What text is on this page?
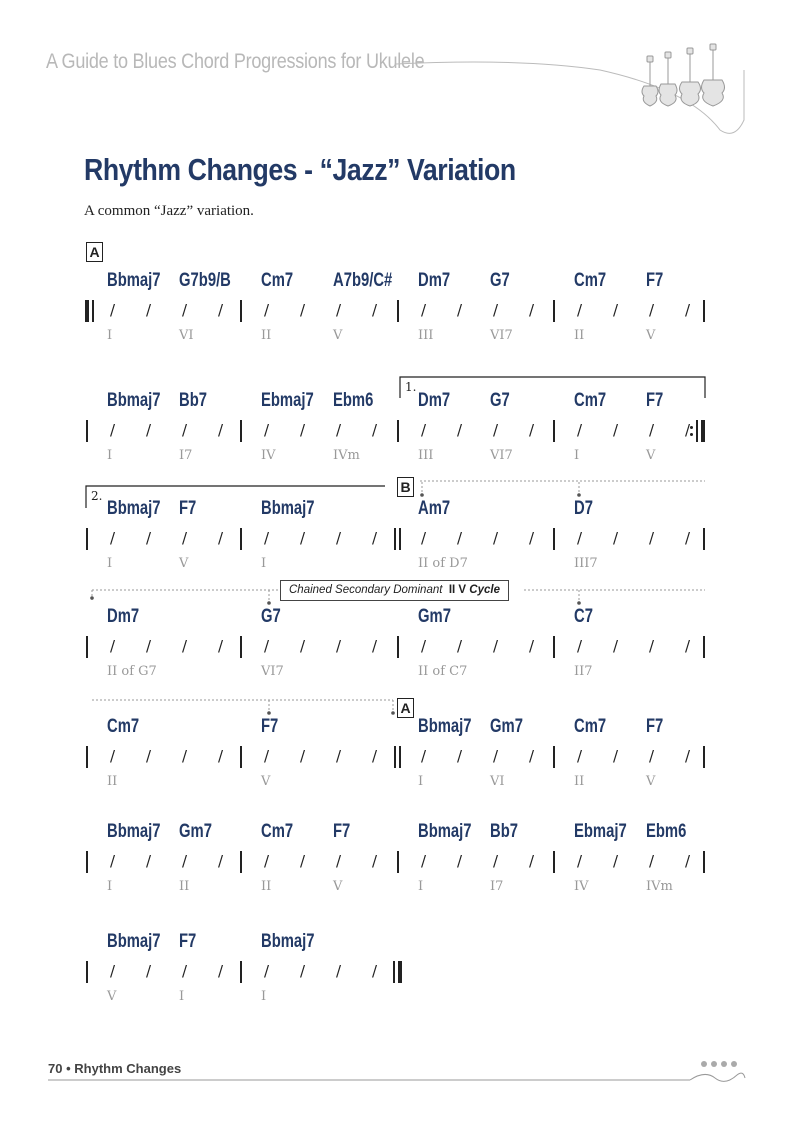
A Guide to Blues Chord Progressions for Ukulele
Rhythm Changes - “Jazz” Variation
A common “Jazz” variation.
A
B
A
1.
2.
Chained Secondary Dominant II V Cycle
Bbmaj7 G7b9/B
I	VI
/ / / /
Cm7 A7b9/C#
II	V
/ / / /
Dm7 G7
III	VI7
/ / / /
Cm7 F7
II	V
/ / / /
Bbmaj7 Bb7
I	I7
/ / / /
Ebmaj7 Ebm6
IV	IVm
/ / / /
Dm7 G7
III	VI7
/ / / /
Cm7 F7
I	V
/ / / /
Bbmaj7 F7
I	V
/ / / /
Bbmaj7
I
/ / / /
Am7
II of D7
/ / / /
D7
III7
/ / / /
Dm7
II of G7
/ / / /
G7
VI7
/ / / /
Gm7
II of C7
/ / / /
C7
II7
/ / / /
Cm7
II
/ / / /
F7
V
/ / / /
Bbmaj7 Gm7
I	VI
/ / / /
Cm7 F7
II	V
/ / / /
Bbmaj7 Gm7
I	II
/ / / /
Cm7 F7
II	V
/ / / /
Bbmaj7 Bb7
I	I7
/ / / /
Ebmaj7 Ebm6
IV	IVm
/ / / /
Bbmaj7 F7
V	I
/ / / /
Bbmaj7
I
/ / / /
70 • Rhythm Changes
